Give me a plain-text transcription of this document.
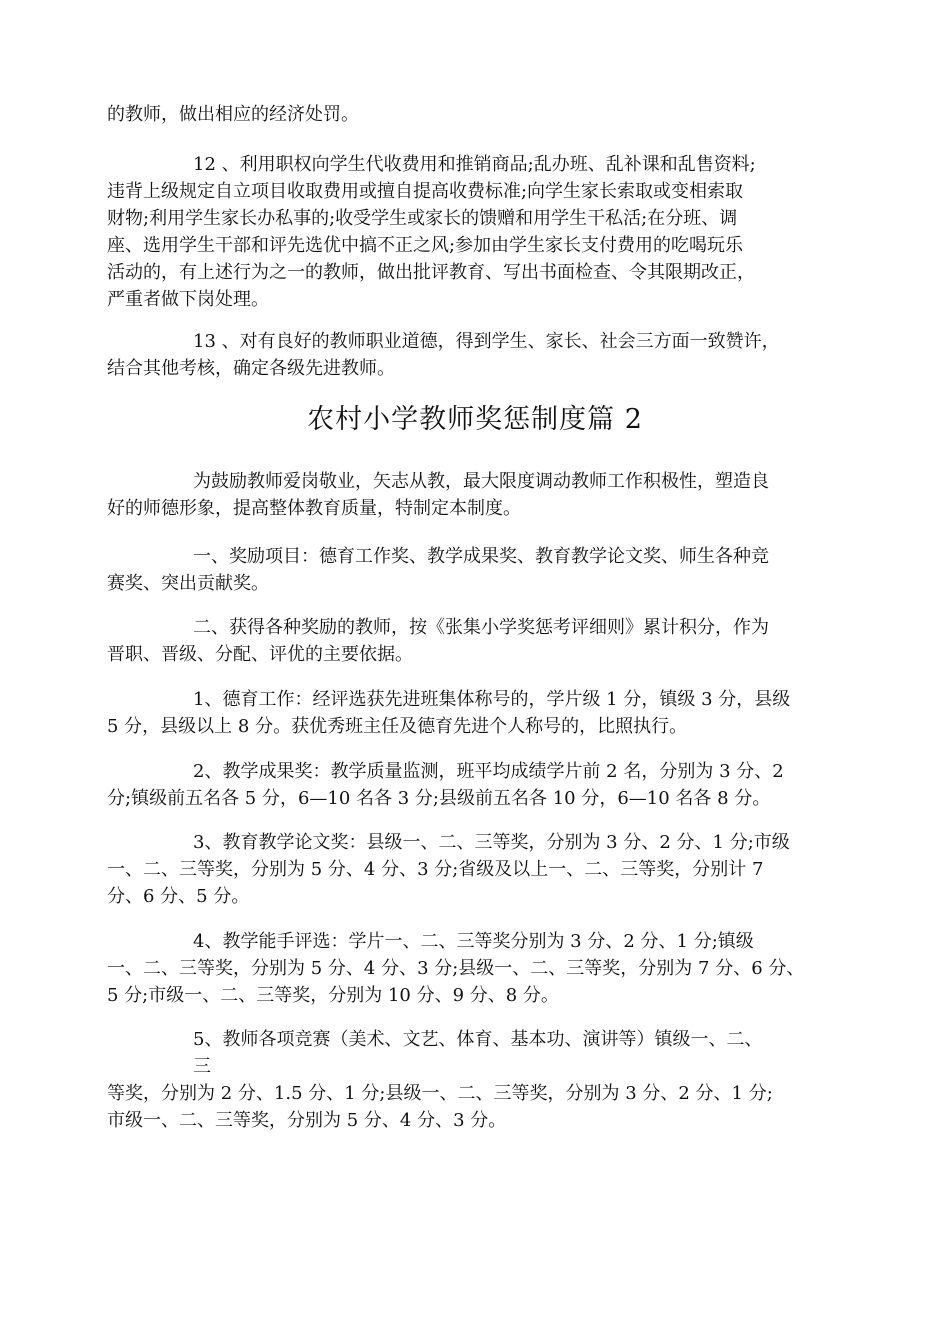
的教师，做出相应的经济处罚。
12 、利用职权向学生代收费用和推销商品;乱办班、乱补课和乱售资料;
违背上级规定自立项目收取费用或擅自提高收费标准;向学生家长索取或变相索取
财物;利用学生家长办私事的;收受学生或家长的馈赠和用学生干私活;在分班、调
座、选用学生干部和评先选优中搞不正之风;参加由学生家长支付费用的吃喝玩乐
活动的，有上述行为之一的教师，做出批评教育、写出书面检查、令其限期改正，
严重者做下岗处理。
13 、对有良好的教师职业道德，得到学生、家长、社会三方面一致赞许，
结合其他考核，确定各级先进教师。
农村小学教师奖惩制度篇 2
为鼓励教师爱岗敬业，矢志从教，最大限度调动教师工作积极性，塑造良
好的师德形象，提高整体教育质量，特制定本制度。
一、奖励项目：德育工作奖、教学成果奖、教育教学论文奖、师生各种竞
赛奖、突出贡献奖。
二、获得各种奖励的教师，按《张集小学奖惩考评细则》累计积分，作为
晋职、晋级、分配、评优的主要依据。
1、德育工作：经评选获先进班集体称号的，学片级 1 分，镇级 3 分，县级
5 分，县级以上 8 分。获优秀班主任及德育先进个人称号的，比照执行。
2、教学成果奖：教学质量监测，班平均成绩学片前 2 名，分别为 3 分、2
分;镇级前五名各 5 分，6—10 名各 3 分;县级前五名各 10 分，6—10 名各 8 分。
3、教育教学论文奖：县级一、二、三等奖，分别为 3 分、2 分、1 分;市级
一、二、三等奖，分别为 5 分、4 分、3 分;省级及以上一、二、三等奖，分别计 7
分、6 分、5 分。
4、教学能手评选：学片一、二、三等奖分别为 3 分、2 分、1 分;镇级
一、二、三等奖，分别为 5 分、4 分、3 分;县级一、二、三等奖，分别为 7 分、6 分、
5 分;市级一、二、三等奖，分别为 10 分、9 分、8 分。
5、教师各项竞赛（美术、文艺、体育、基本功、演讲等）镇级一、二、
三
等奖，分别为 2 分、1.5 分、1 分;县级一、二、三等奖，分别为 3 分、2 分、1 分;
市级一、二、三等奖，分别为 5 分、4 分、3 分。
